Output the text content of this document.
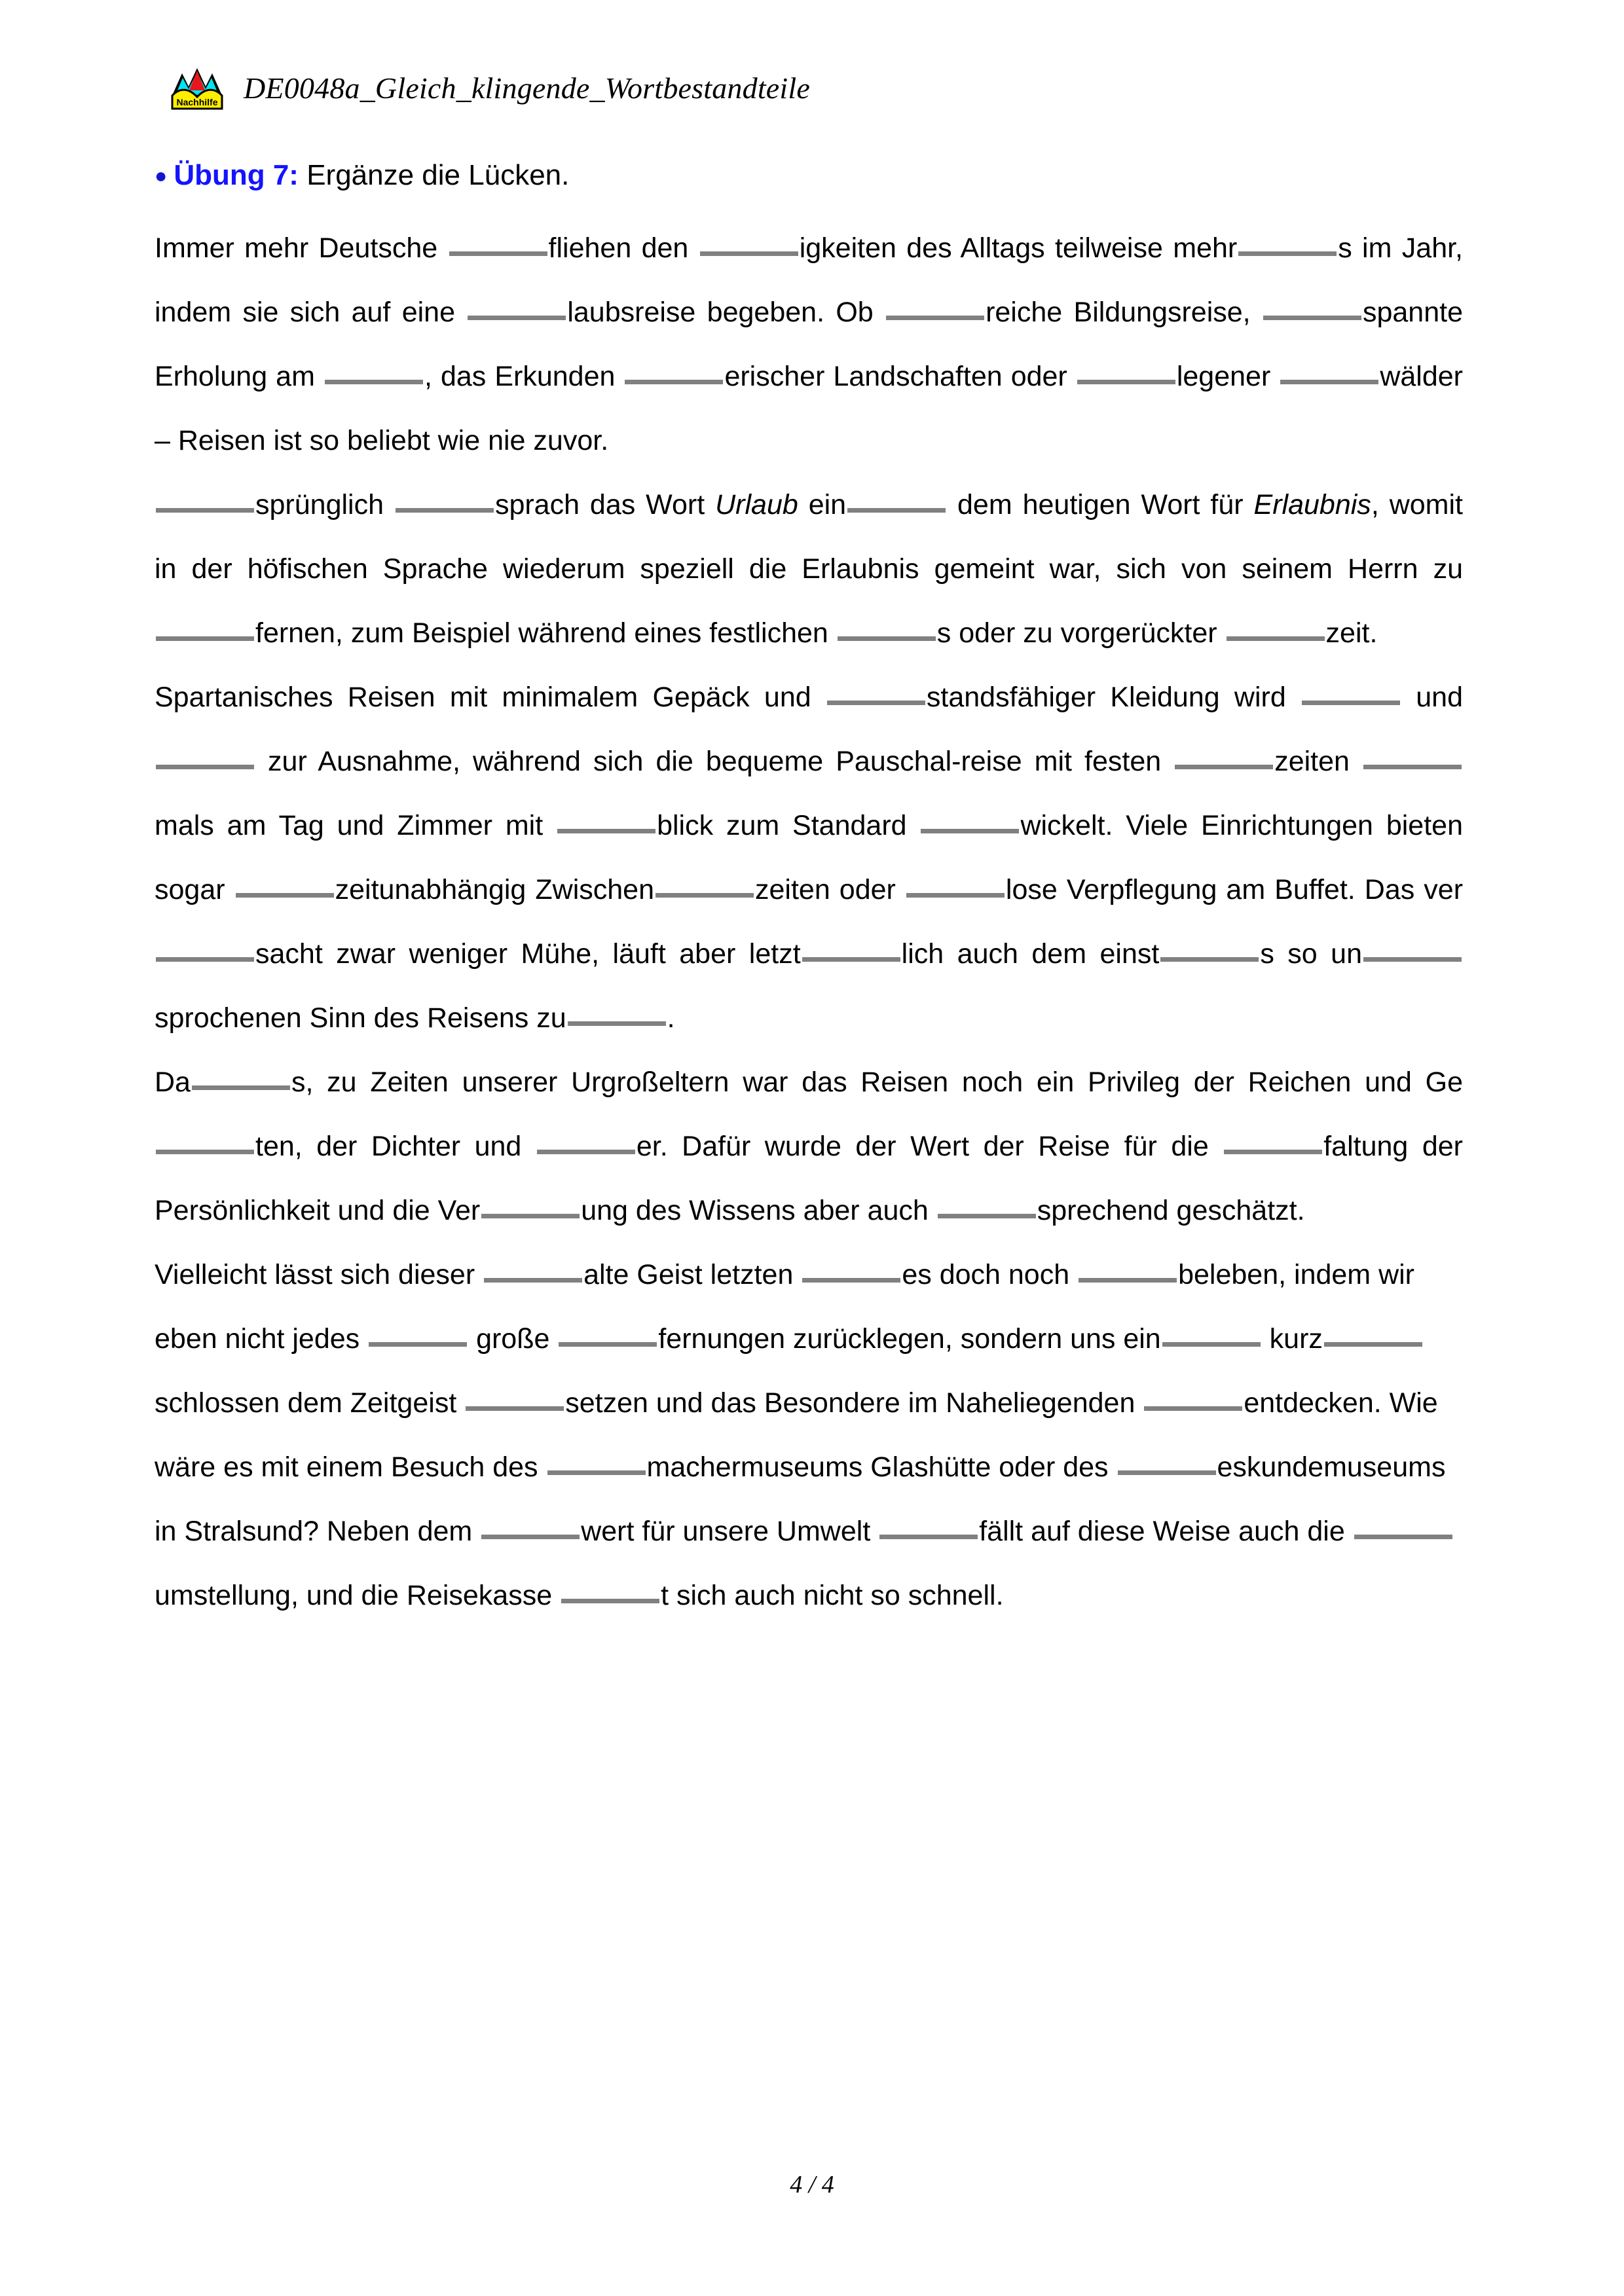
Nachhilfe DE0048a_Gleich_klingende_Wortbestandteile
● Übung 7: Ergänze die Lücken.

Immer mehr Deutsche	fliehen den	igkeiten des Alltags teilweise mehr	s im Jahr, indem sie sich auf eine	laubsreise begeben. Ob	reiche Bildungsreise,	spannte Erholung am	, das Erkunden	erischer Landschaften oder	legener	wälder – Reisen ist so beliebt wie nie zuvor.

sprünglich	sprach das Wort Urlaub ein	dem heutigen Wort für Erlaubnis, womit in der höfischen Sprache wiederum speziell die Erlaubnis gemeint war, sich von seinem Herrn zu fernen, zum Beispiel während eines festlichen	s oder zu vorgerückter	zeit.

Spartanisches Reisen mit minimalem Gepäck und	standsfähiger Kleidung wird	und  zur Ausnahme, während sich die bequeme Pauschal-reise mit festen	zeiten mals am Tag und Zimmer mit	blick zum Standard	wickelt. Viele Einrichtungen bieten sogar	zeitunabhängig Zwischen	zeiten oder	lose Verpflegung am Buffet. Das versacht zwar weniger Mühe, läuft aber letzt	lich auch dem einst	s so unsprochenen Sinn des Reisens zu	.

Da	s, zu Zeiten unserer Urgroßeltern war das Reisen noch ein Privileg der Reichen und Geten, der Dichter und	er. Dafür wurde der Wert der Reise für die	faltung der Persönlichkeit und die Ver	ung des Wissens aber auch	sprechend geschätzt.

Vielleicht lässt sich dieser	alte Geist letzten	es doch noch	beleben, indem wir eben nicht jedes	große	fernungen zurücklegen, sondern uns ein	kurzschlossen dem Zeitgeist	setzen und das Besondere im Naheliegenden	entdecken. Wie wäre es mit einem Besuch des	machermuseums Glashütte oder des	eskundemuseums in Stralsund? Neben dem	wert für unsere Umwelt	fällt auf diese Weise auch die umstellung, und die Reisekasse	t sich auch nicht so schnell.

4 / 4
